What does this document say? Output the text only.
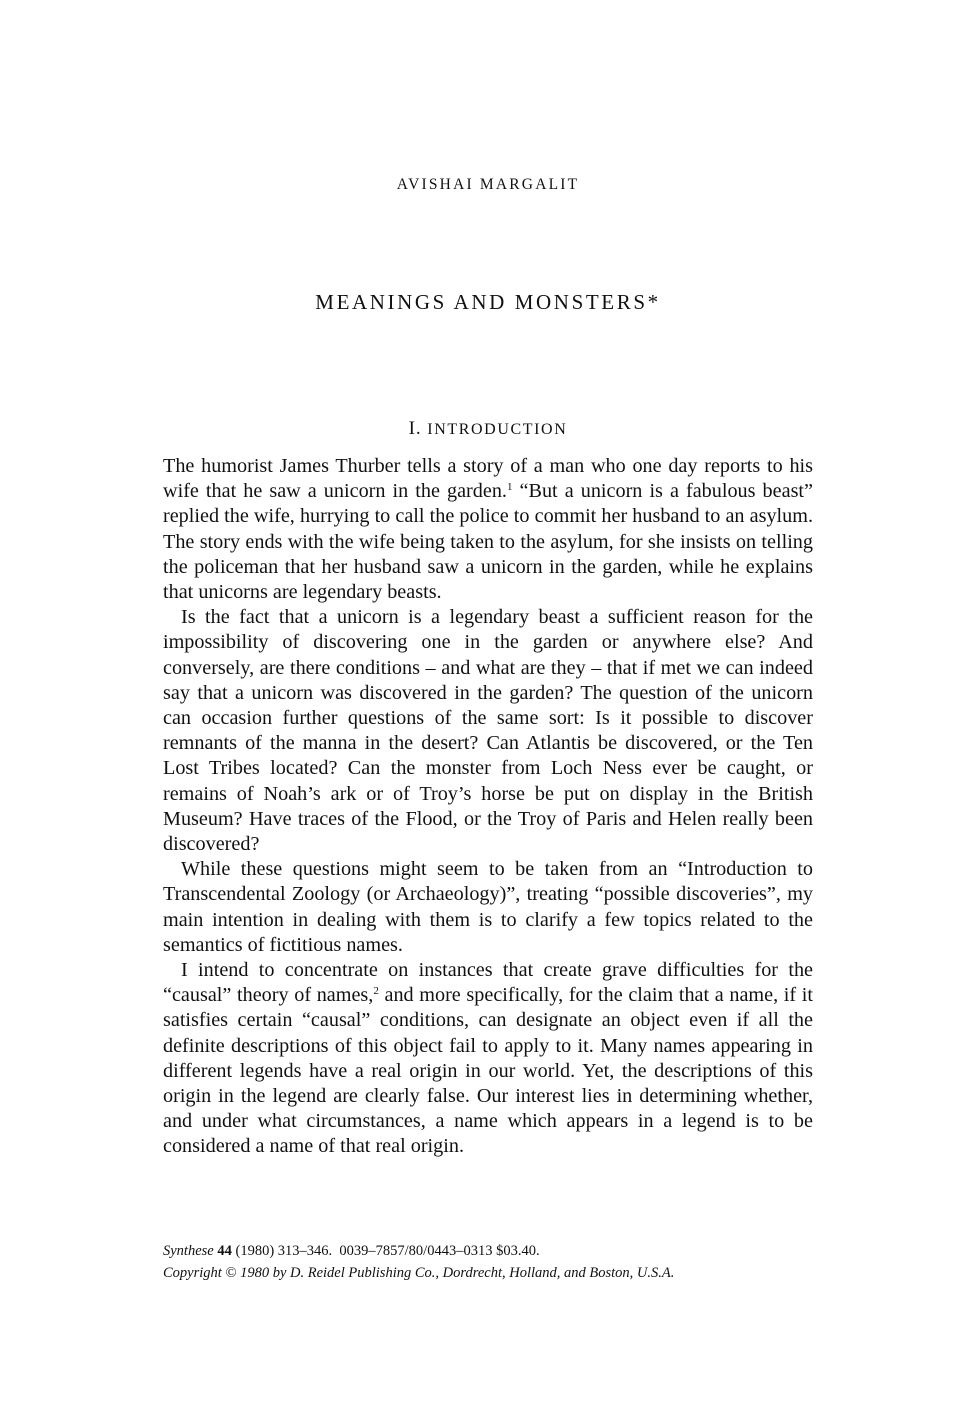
AVISHAI MARGALIT
MEANINGS AND MONSTERS*
I. INTRODUCTION

The humorist James Thurber tells a story of a man who one day reports to his wife that he saw a unicorn in the garden.$^1$ “But a unicorn is a fabulous beast” replied the wife, hurrying to call the police to commit her husband to an asylum. The story ends with the wife being taken to the asylum, for she insists on telling the policeman that her husband saw a unicorn in the garden, while he explains that unicorns are legendary beasts.

Is the fact that a unicorn is a legendary beast a sufficient reason for the impossibility of discovering one in the garden or anywhere else? And conversely, are there conditions – and what are they – that if met we can indeed say that a unicorn was discovered in the garden? The question of the unicorn can occasion further questions of the same sort: Is it possible to discover remnants of the manna in the desert? Can Atlantis be discovered, or the Ten Lost Tribes located? Can the monster from Loch Ness ever be caught, or remains of Noah’s ark or of Troy’s horse be put on display in the British Museum? Have traces of the Flood, or the Troy of Paris and Helen really been discovered?

While these questions might seem to be taken from an “Introduction to Transcendental Zoology (or Archaeology)”, treating “possible discoveries”, my main intention in dealing with them is to clarify a few topics related to the semantics of fictitious names.

I intend to concentrate on instances that create grave difficulties for the “causal” theory of names,$^2$ and more specifically, for the claim that a name, if it satisfies certain “causal” conditions, can designate an object even if all the definite descriptions of this object fail to apply to it. Many names appearing in different legends have a real origin in our world. Yet, the descriptions of this origin in the legend are clearly false. Our interest lies in determining whether, and under what circumstances, a name which appears in a legend is to be considered a name of that real origin.

Synthese 44 (1980) 313–346. 0039–7857/80/0443–0313 $03.40.
Copyright © 1980 by D. Reidel Publishing Co., Dordrecht, Holland, and Boston, U.S.A.
